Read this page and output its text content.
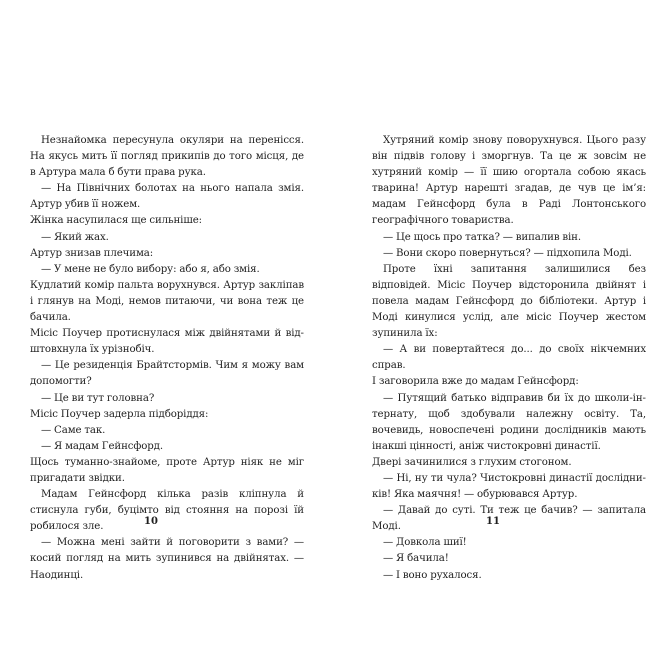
Незнайомка пересунула окуляри на перенісся. На якусь мить її погляд прикипів до того місця, де в Артура мала б бути права рука.

— На Північних болотах на нього напала змія. Артур убив її ножем.

Жінка насупилася ще сильніше:

— Який жах.

Артур знизав плечима:

— У мене не було вибору: або я, або змія.

Кудлатий комір пальта ворухнувся. Артур закліпав і глянув на Моді, немов питаючи, чи вона теж це бачила.

Місіс Поучер протиснулася між двійнятами й відштовхнула їх урізнобіч.

— Це резиденція Брайтстормів. Чим я можу вам допомогти?

— Це ви тут головна?

Місіс Поучер задерла підборіддя:

— Саме так.

— Я мадам Гейнсфорд.

Щось туманно-знайоме, проте Артур ніяк не міг пригадати звідки.

Мадам Гейнсфорд кілька разів кліпнула й стиснула губи, буцімто від стояння на порозі їй робилося зле.

— Можна мені зайти й поговорити з вами? — косий погляд на мить зупинився на двійнятах. — Наодинці.

10

Хутряний комір знову поворухнувся. Цього разу він підвів голову і зморгнув. Та це ж зовсім не хутряний комір — її шию огортала собою якась тварина! Артур нарешті згадав, де чув це ім’я: мадам Гейнсфорд була в Раді Лонтонського географічного товариства.

— Це щось про татка? — випалив він.

— Вони скоро повернуться? — підхопила Моді.

Проте їхні запитання залишилися без відповідей. Місіс Поучер відсторонила двійнят і повела мадам Гейнсфорд до бібліотеки. Артур і Моді кинулися услід, але місіс Поучер жестом зупинила їх:

— А ви повертайтеся до... до своїх нікчемних справ.

І заговорила вже до мадам Гейнсфорд:

— Путящий батько відправив би їх до школи-інтернату, щоб здобували належну освіту. Та, вочевидь, новоспечені родини дослідників мають інакші цінності, аніж чистокровні династії.

Двері зачинилися з глухим стогоном.

— Ні, ну ти чула? Чистокровні династії дослідників! Яка маячня! — обурювався Артур.

— Давай до суті. Ти теж це бачив? — запитала Моді.

— Довкола шиї!

— Я бачила!

— І воно рухалося.

11
